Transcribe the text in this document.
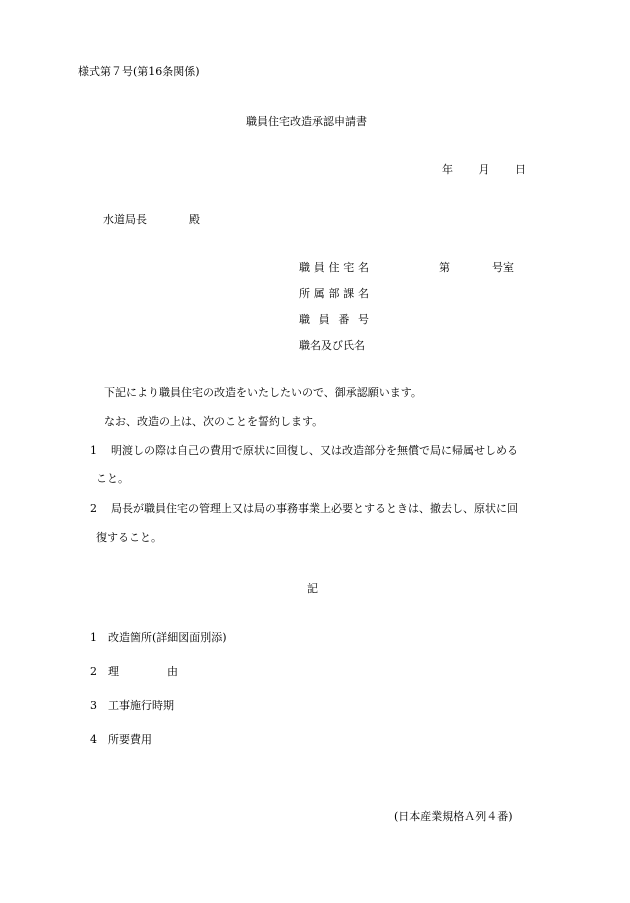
様式第７号(第16条関係)
職員住宅改造承認申請書
年 月 日
水道局長	殿
職員住宅名	第	号室
所属部課名
職員番号
職名及び氏名
下記により職員住宅の改造をいたしたいので、御承認願います。
なお、改造の上は、次のことを誓約します。
1 明渡しの際は自己の費用で原状に回復し、又は改造部分を無償で局に帰属せしめる
こと。
2 局長が職員住宅の管理上又は局の事務事業上必要とするときは、撤去し、原状に回
復すること。
記
1 改造箇所(詳細図面別添)
2 理	由
3 工事施行時期
4 所要費用
(日本産業規格Ａ列４番)
